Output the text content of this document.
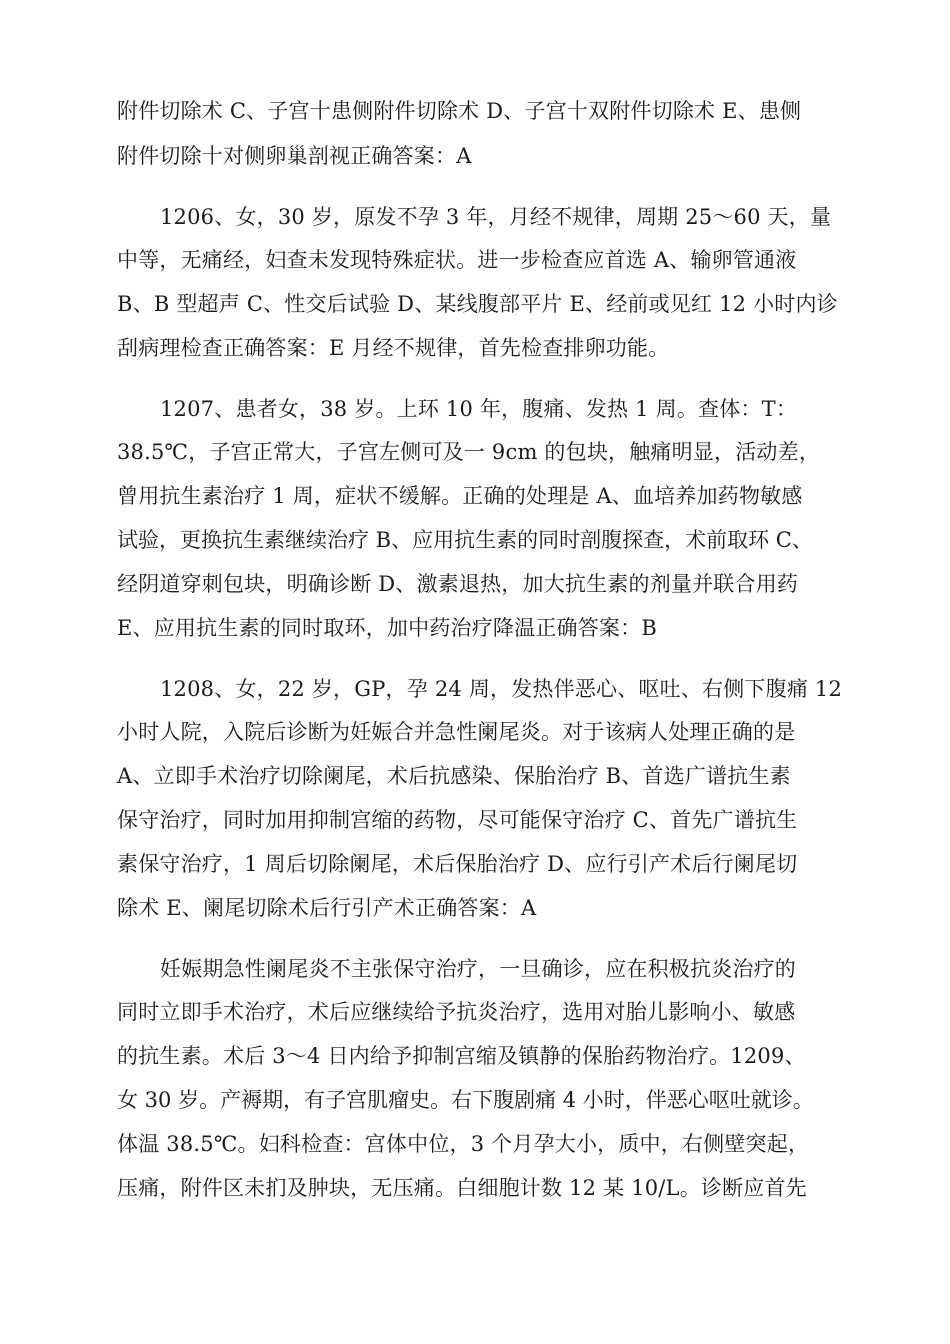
附件切除术 C、子宫十患侧附件切除术 D、子宫十双附件切除术 E、患侧
附件切除十对侧卵巢剖视正确答案：A
1206、女，30 岁，原发不孕 3 年，月经不规律，周期 25～60 天，量
中等，无痛经，妇查未发现特殊症状。进一步检查应首选 A、输卵管通液
B、B 型超声 C、性交后试验 D、某线腹部平片 E、经前或见红 12 小时内诊
刮病理检查正确答案：E 月经不规律，首先检查排卵功能。
1207、患者女，38 岁。上环 10 年，腹痛、发热 1 周。查体：T：
38.5℃，子宫正常大，子宫左侧可及一 9cm 的包块，触痛明显，活动差，
曾用抗生素治疗 1 周，症状不缓解。正确的处理是 A、血培养加药物敏感
试验，更换抗生素继续治疗 B、应用抗生素的同时剖腹探查，术前取环 C、
经阴道穿刺包块，明确诊断 D、激素退热，加大抗生素的剂量并联合用药
E、应用抗生素的同时取环，加中药治疗降温正确答案：B
1208、女，22 岁，GP，孕 24 周，发热伴恶心、呕吐、右侧下腹痛 12
小时人院，入院后诊断为妊娠合并急性阑尾炎。对于该病人处理正确的是
A、立即手术治疗切除阑尾，术后抗感染、保胎治疗 B、首选广谱抗生素
保守治疗，同时加用抑制宫缩的药物，尽可能保守治疗 C、首先广谱抗生
素保守治疗，1 周后切除阑尾，术后保胎治疗 D、应行引产术后行阑尾切
除术 E、阑尾切除术后行引产术正确答案：A
妊娠期急性阑尾炎不主张保守治疗，一旦确诊，应在积极抗炎治疗的
同时立即手术治疗，术后应继续给予抗炎治疗，选用对胎儿影响小、敏感
的抗生素。术后 3～4 日内给予抑制宫缩及镇静的保胎药物治疗。1209、
女 30 岁。产褥期，有子宫肌瘤史。右下腹剧痛 4 小时，伴恶心呕吐就诊。
体温 38.5℃。妇科检查：宫体中位，3 个月孕大小，质中，右侧壁突起，
压痛，附件区未扪及肿块，无压痛。白细胞计数 12 某 10/L。诊断应首先
